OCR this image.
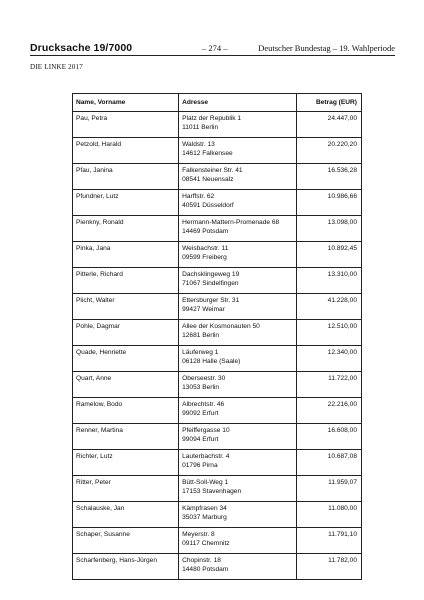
Drucksache 19/7000	– 274 –	Deutscher Bundestag – 19. Wahlperiode
DIE LINKE 2017
Name, Vorname	Adresse	Betrag (EUR)

Pau, Petra	Platz der Republik 1
11011 Berlin	24.447,00

Petzold, Harald	Waldstr. 13
14612 Falkensee	20.220,20

Pfau, Janina	Falkensteiner Str. 41
08541 Neuensalz	16.536,28

Pfundner, Lutz	Harffstr. 62
40591 Düsseldorf	10.986,66

Pienkny, Ronald	Hermann-Mattern-Promenade 68
14469 Potsdam	13.098,00

Pinka, Jana	Weisbachstr. 11
09599 Freiberg	10.892,45

Pitterle, Richard	Dachsklingeweg 19
71067 Sindelfingen	13.310,00

Plicht, Walter	Ettersburger Str. 31
99427 Weimar	41.228,00

Pohle, Dagmar	Allee der Kosmonauten 50
12681 Berlin	12.510,00

Quade, Henriette	Läuferweg 1
06128 Halle (Saale)	12.340,00

Quart, Anne	Oberseestr. 30
13053 Berlin	11.722,00

Ramelow, Bodo	Albrechtstr. 46
99092 Erfurt	22.216,00

Renner, Martina	Pfeiffergasse 10
99094 Erfurt	16.608,00

Richter, Lutz	Lauterbachstr. 4
01796 Pirna	10.687,08

Ritter, Peter	Bütt-Soll-Weg 1
17153 Stavenhagen	11.959,07

Schalauske, Jan	Kämpfrasen 34
35037 Marburg	11.080,00

Schaper, Susanne	Meyerstr. 8
09117 Chemnitz	11.791,10

Scharfenberg, Hans-Jürgen	Chopinstr. 18
14480 Potsdam	11.782,00
